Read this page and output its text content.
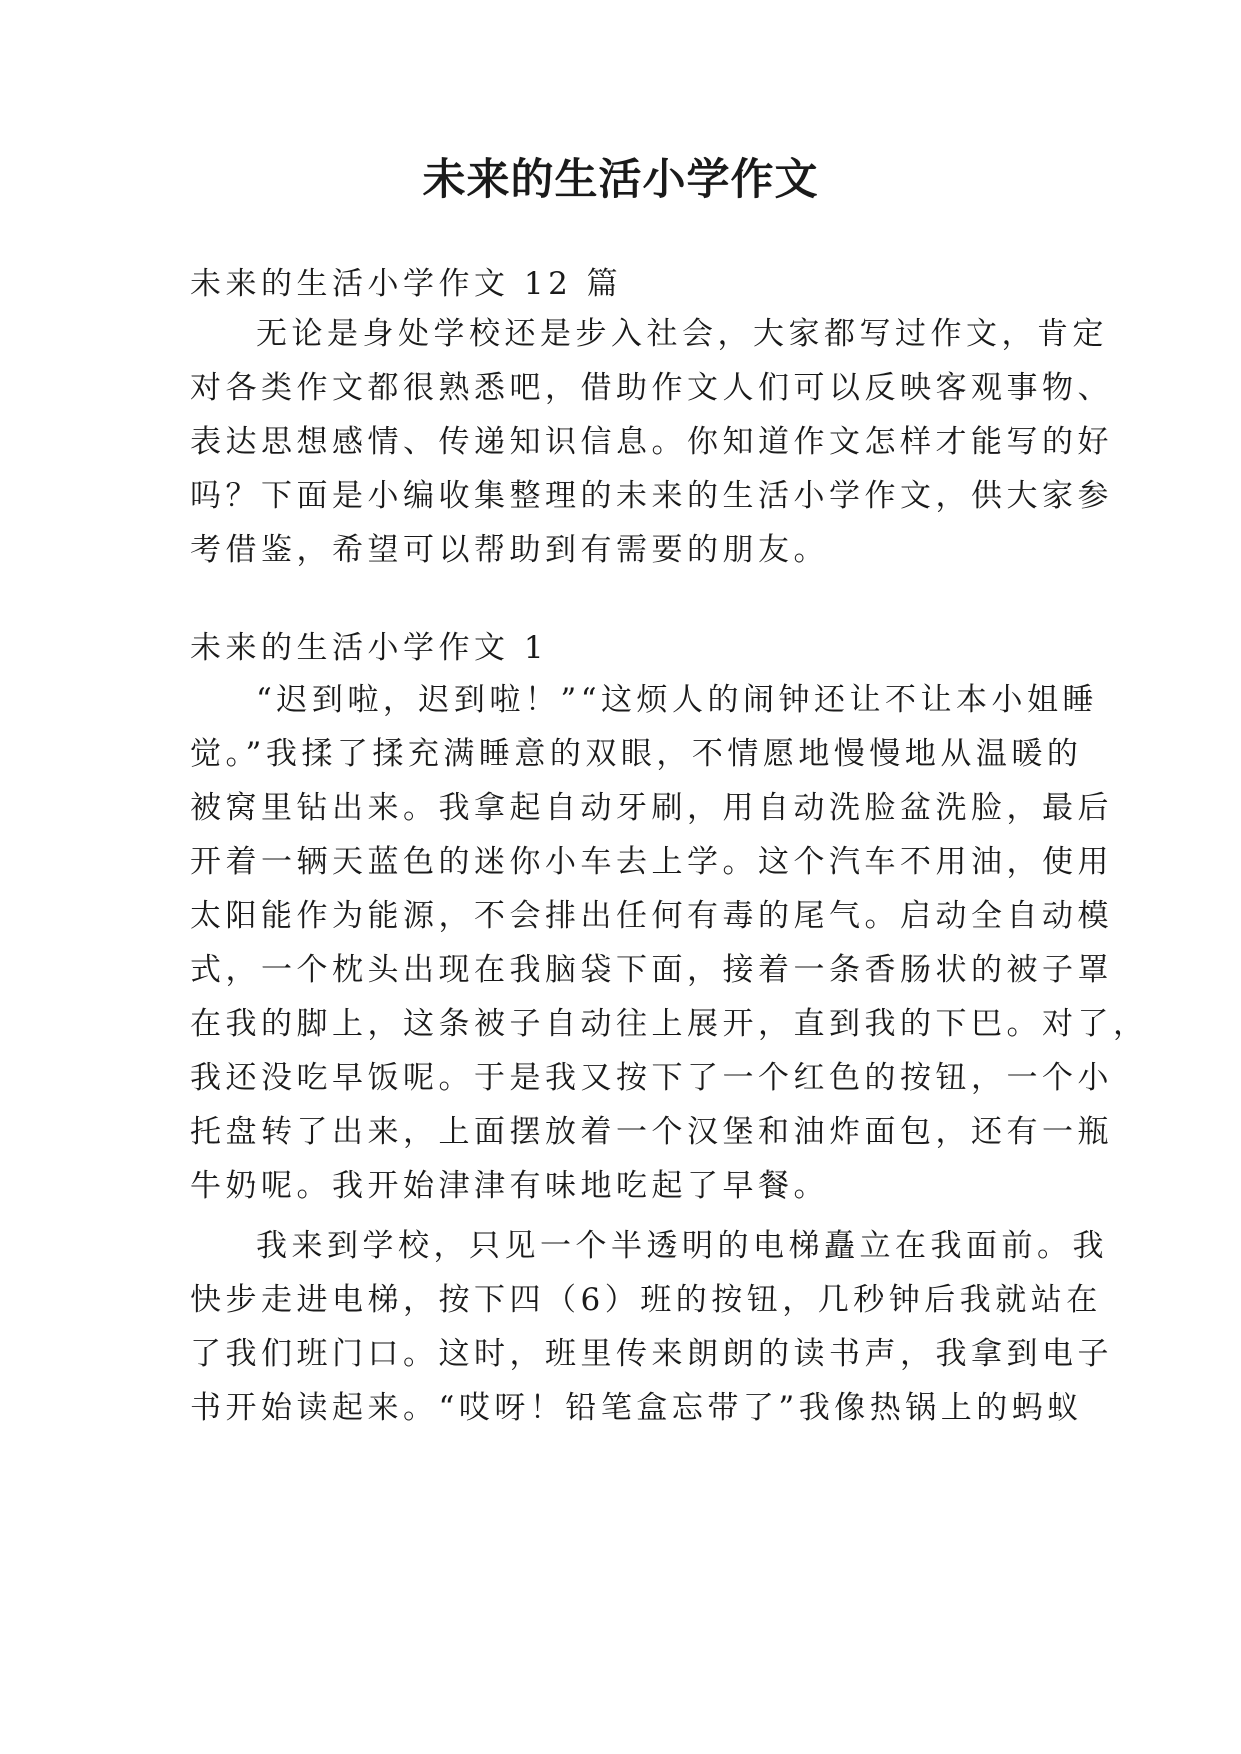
未来的生活小学作文

未来的生活小学作文 12 篇

无论是身处学校还是步入社会，大家都写过作文，肯定

对各类作文都很熟悉吧，借助作文人们可以反映客观事物、

表达思想感情、传递知识信息。你知道作文怎样才能写的好

吗？下面是小编收集整理的未来的生活小学作文，供大家参

考借鉴，希望可以帮助到有需要的朋友。

未来的生活小学作文 1

“迟到啦，迟到啦！”“这烦人的闹钟还让不让本小姐睡

觉。”我揉了揉充满睡意的双眼，不情愿地慢慢地从温暖的

被窝里钻出来。我拿起自动牙刷，用自动洗脸盆洗脸，最后

开着一辆天蓝色的迷你小车去上学。这个汽车不用油，使用

太阳能作为能源，不会排出任何有毒的尾气。启动全自动模

式，一个枕头出现在我脑袋下面，接着一条香肠状的被子罩

在我的脚上，这条被子自动往上展开，直到我的下巴。对了，

我还没吃早饭呢。于是我又按下了一个红色的按钮，一个小

托盘转了出来，上面摆放着一个汉堡和油炸面包，还有一瓶

牛奶呢。我开始津津有味地吃起了早餐。

我来到学校，只见一个半透明的电梯矗立在我面前。我

快步走进电梯，按下四（6）班的按钮，几秒钟后我就站在

了我们班门口。这时，班里传来朗朗的读书声，我拿到电子

书开始读起来。“哎呀！铅笔盒忘带了”我像热锅上的蚂蚁
